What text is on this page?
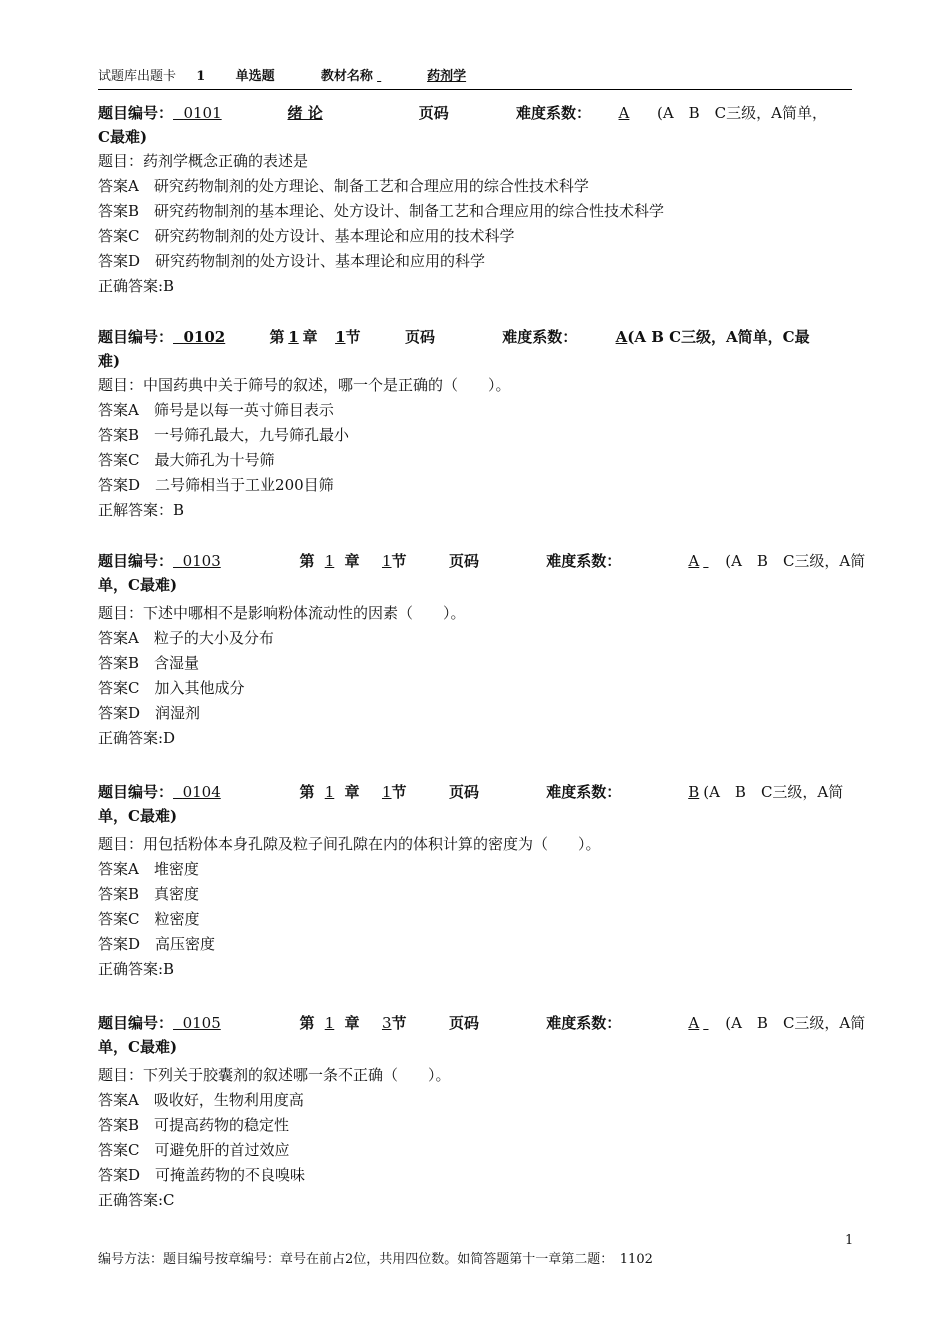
试题库出题卡 1 单选题	教材名称	药剂学
题目编号： 0101	绪 论	页码	难度系数： A (A　B　C三级，A简单，
C最难)
题目：药剂学概念正确的表述是
答案A　 研究药物制剂的处方理论、制备工艺和合理应用的综合性技术科学
答案B　 研究药物制剂的基本理论、处方设计、制备工艺和合理应用的综合性技术科学
答案C　 研究药物制剂的处方设计、基本理论和应用的技术科学
答案D　 研究药物制剂的处方设计、基本理论和应用的科学
正确答案:B
题目编号： 0102	第 1 章 1节	页码	难度系数：	A(A B C三级，A简单，C最
难)
题目：中国药典中关于筛号的叙述，哪一个是正确的（　　）。
答案A　 筛号是以每一英寸筛目表示
答案B　 一号筛孔最大，九号筛孔最小
答案C　 最大筛孔为十号筛
答案D　 二号筛相当于工业200目筛
正解答案：B
题目编号： 0103	第 1 章 1节	页码	难度系数：	A (A　B　C三级，A简
单，C最难)
题目：下述中哪相不是影响粉体流动性的因素（　　）。
答案A　 粒子的大小及分布
答案B　 含湿量
答案C　 加入其他成分
答案D　 润湿剂
正确答案:D
题目编号： 0104	第 1 章 1节	页码	难度系数：	B (A　B　C三级，A简
单，C最难)
题目：用包括粉体本身孔隙及粒子间孔隙在内的体积计算的密度为（　　）。
答案A　 堆密度
答案B　 真密度
答案C　 粒密度
答案D　 高压密度
正确答案:B
题目编号： 0105	第 1 章 3节	页码	难度系数：	A (A　B　C三级，A简
单，C最难)
题目：下列关于胶囊剂的叙述哪一条不正确（　　）。
答案A　 吸收好，生物利用度高
答案B　 可提高药物的稳定性
答案C　 可避免肝的首过效应
答案D　 可掩盖药物的不良嗅味
正确答案:C
1
编号方法：题目编号按章编号：章号在前占2位，共用四位数。如简答题第十一章第二题：　1102
